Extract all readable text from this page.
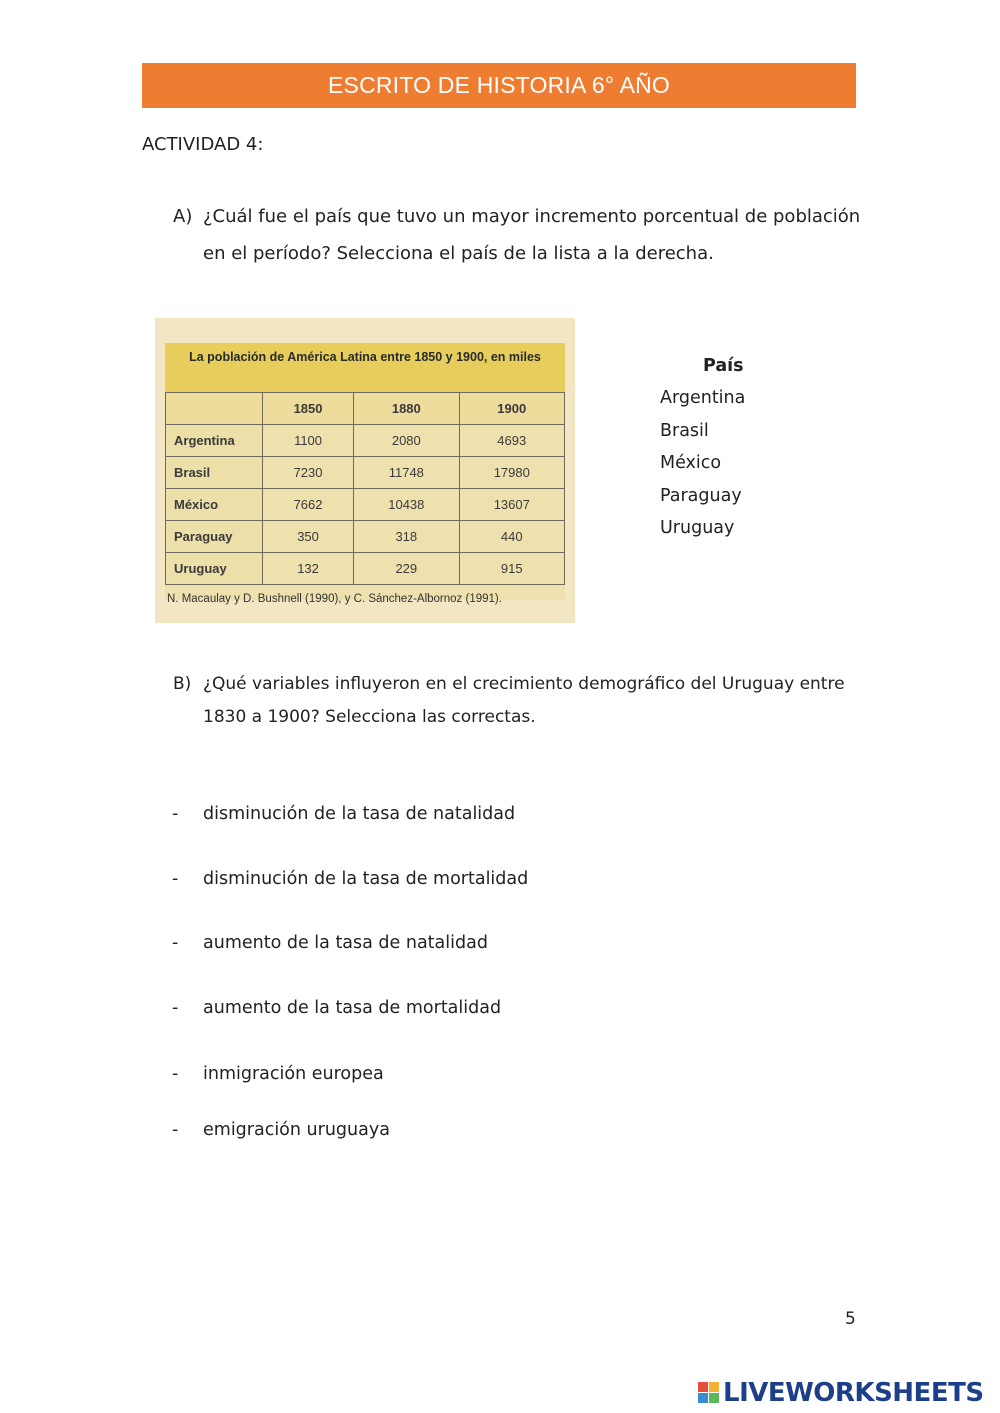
ESCRITO DE HISTORIA 6° AÑO
ACTIVIDAD 4:
A) ¿Cuál fue el país que tuvo un mayor incremento porcentual de población en el período? Selecciona el país de la lista a la derecha.
La población de América Latina entre 1850 y 1900, en miles
	1850	1880	1900
Argentina	1100	2080	4693
Brasil	7230	11748	17980
México	7662	10438	13607
Paraguay	350	318	440
Uruguay	132	229	915
N. Macaulay y D. Bushnell (1990), y C. Sánchez-Albornoz (1991).
País
Argentina
Brasil
México
Paraguay
Uruguay
B) ¿Qué variables influyeron en el crecimiento demográfico del Uruguay entre 1830 a 1900? Selecciona las correctas.
- disminución de la tasa de natalidad
- disminución de la tasa de mortalidad
- aumento de la tasa de natalidad
- aumento de la tasa de mortalidad
- inmigración europea
- emigración uruguaya
5
LIVEWORKSHEETS
